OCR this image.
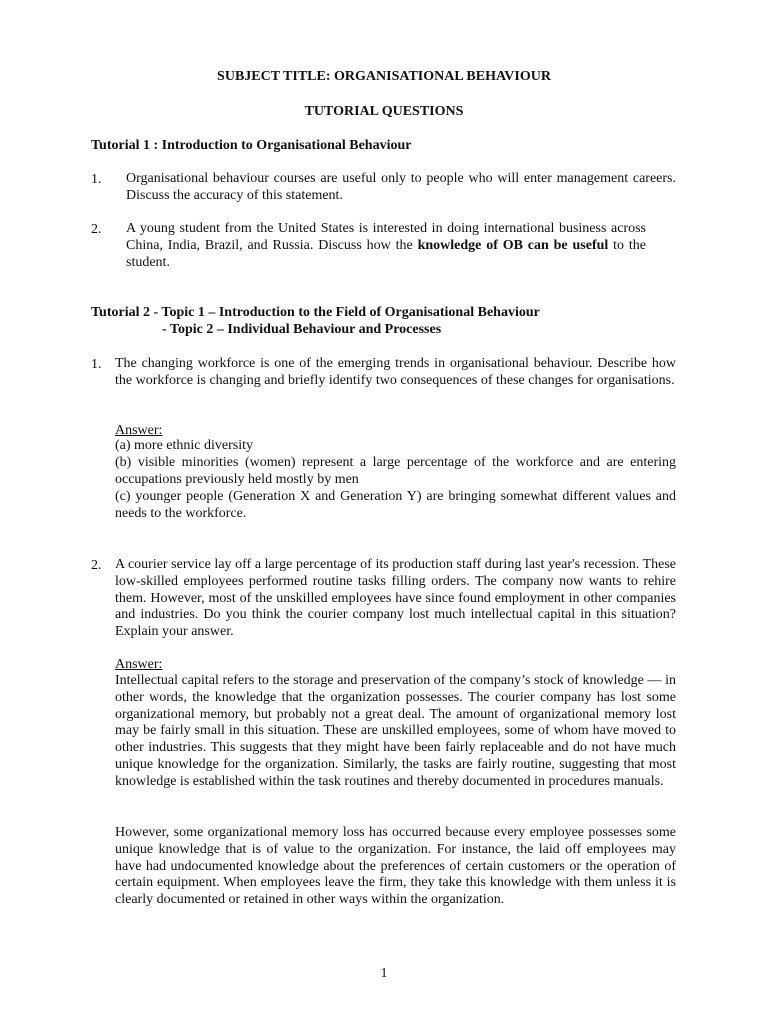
SUBJECT TITLE: ORGANISATIONAL BEHAVIOUR
TUTORIAL QUESTIONS
Tutorial 1 : Introduction to Organisational Behaviour
1. Organisational behaviour courses are useful only to people who will enter management careers. Discuss the accuracy of this statement.
2. A young student from the United States is interested in doing international business across China, India, Brazil, and Russia. Discuss how the knowledge of OB can be useful to the student.
Tutorial 2 - Topic 1 – Introduction to the Field of Organisational Behaviour
- Topic 2 – Individual Behaviour and Processes
1. The changing workforce is one of the emerging trends in organisational behaviour. Describe how the workforce is changing and briefly identify two consequences of these changes for organisations.
Answer:
(a) more ethnic diversity
(b) visible minorities (women) represent a large percentage of the workforce and are entering occupations previously held mostly by men
(c) younger people (Generation X and Generation Y) are bringing somewhat different values and needs to the workforce.
2. A courier service lay off a large percentage of its production staff during last year's recession. These low-skilled employees performed routine tasks filling orders. The company now wants to rehire them. However, most of the unskilled employees have since found employment in other companies and industries. Do you think the courier company lost much intellectual capital in this situation? Explain your answer.
Answer:
Intellectual capital refers to the storage and preservation of the company’s stock of knowledge — in other words, the knowledge that the organization possesses. The courier company has lost some organizational memory, but probably not a great deal. The amount of organizational memory lost may be fairly small in this situation. These are unskilled employees, some of whom have moved to other industries. This suggests that they might have been fairly replaceable and do not have much unique knowledge for the organization. Similarly, the tasks are fairly routine, suggesting that most knowledge is established within the task routines and thereby documented in procedures manuals.
However, some organizational memory loss has occurred because every employee possesses some unique knowledge that is of value to the organization. For instance, the laid off employees may have had undocumented knowledge about the preferences of certain customers or the operation of certain equipment. When employees leave the firm, they take this knowledge with them unless it is clearly documented or retained in other ways within the organization.
1
